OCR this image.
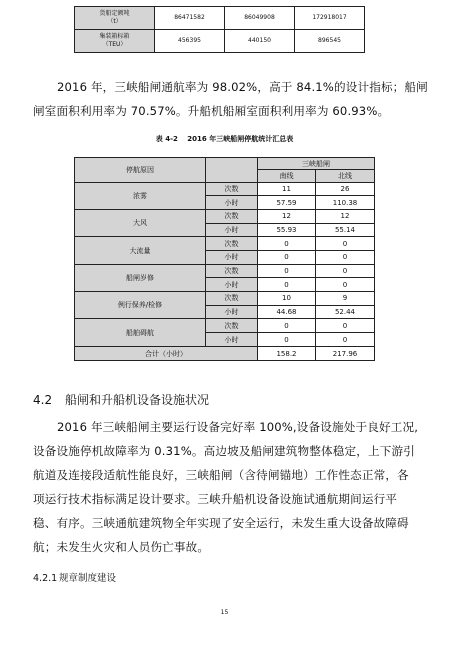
货船定额吨
（t）	86471582	86049908	172918017
集装箱标箱
（TEU）	456395	440150	896545
2016 年，三峡船闸通航率为 98.02%，高于 84.1%的设计指标；船闸
闸室面积利用率为 70.57%。升船机船厢室面积利用率为 60.93%。
表 4-2　 2016 年三峡船闸停航统计汇总表
停航原因		三峡船闸	
		南线	北线
浓雾	次数	11	26
	小时	57.59	110.38
大风	次数	12	12
	小时	55.93	55.14
大流量	次数	0	0
	小时	0	0
船闸岁修	次数	0	0
	小时	0	0
例行保养/检修	次数	10	9
	小时	44.68	52.44
船舶碍航	次数	0	0
	小时	0	0
合计（小时）		158.2	217.96
4.2 船闸和升船机设备设施状况
2016 年三峡船闸主要运行设备完好率 100%,设备设施处于良好工况,
设备设施停机故障率为 0.31%。高边坡及船闸建筑物整体稳定，上下游引
航道及连接段适航性能良好，三峡船闸（含待闸锚地）工作性态正常，各
项运行技术指标满足设计要求。三峡升船机设备设施试通航期间运行平
稳、有序。三峡通航建筑物全年实现了安全运行，未发生重大设备故障碍
航；未发生火灾和人员伤亡事故。
4.2.1 规章制度建设
15
